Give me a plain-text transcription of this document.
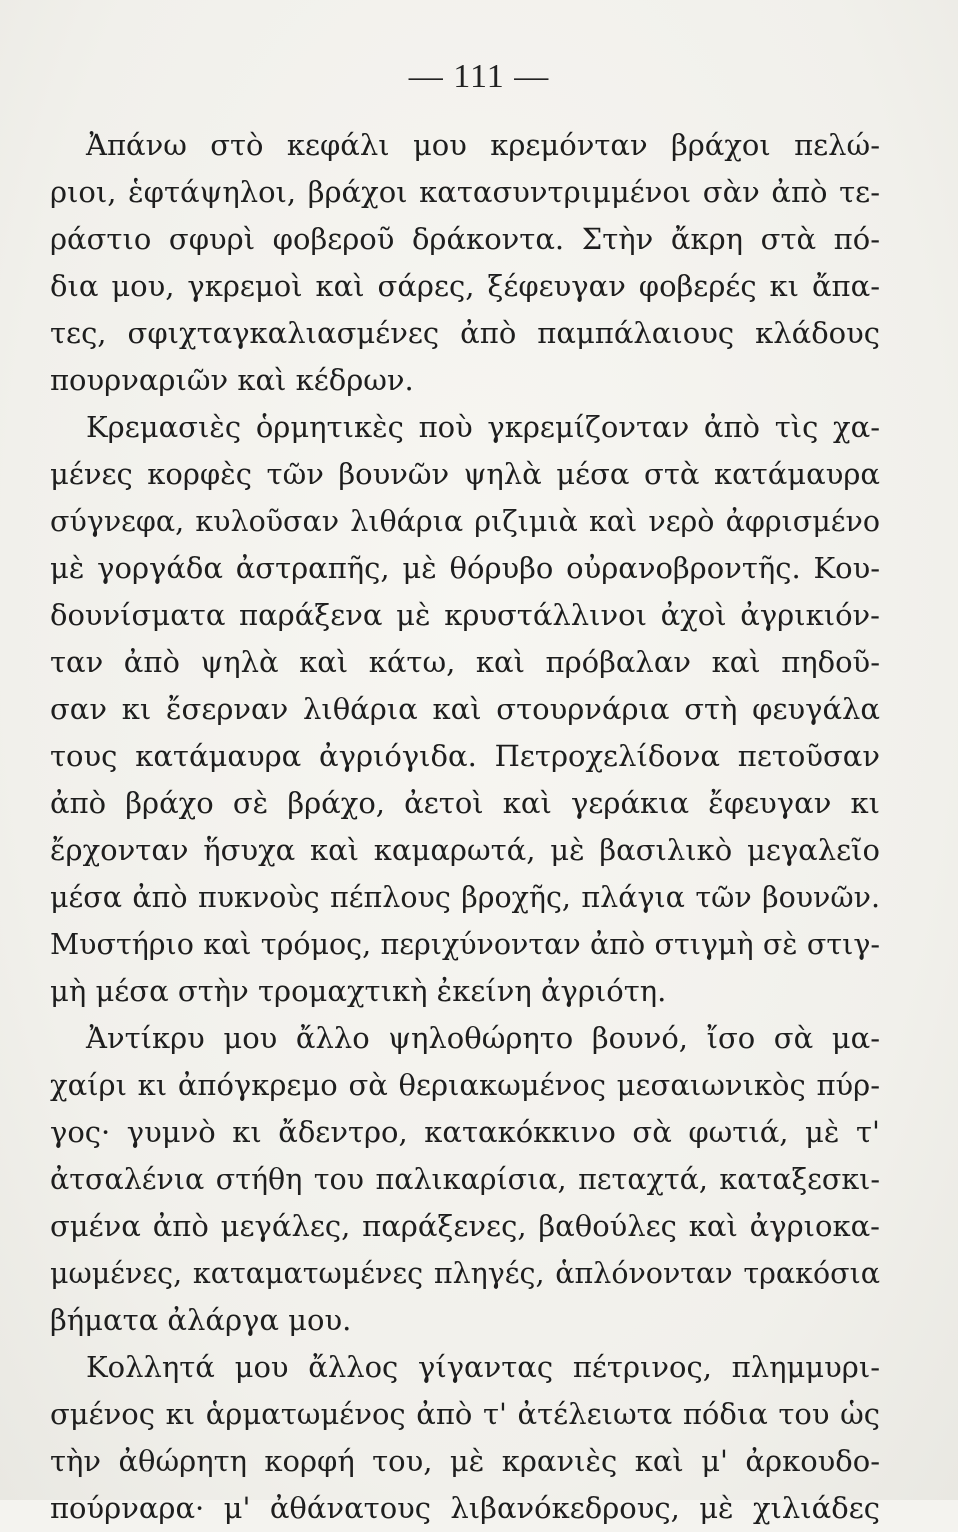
— 111 —
Ἀπάνω στὸ κεφάλι μου κρεμόνταν βράχοι πελώ-
ριοι, ἑφτάψηλοι, βράχοι κατασυντριμμένοι σὰν ἀπὸ τε-
ράστιο σφυρὶ φοβεροῦ δράκοντα. Στὴν ἄκρη στὰ πό-
δια μου, γκρεμοὶ καὶ σάρες, ξέφευγαν φοβερές κι ἄπα-
τες, σφιχταγκαλιασμένες ἀπὸ παμπάλαιους κλάδους
πουρναριῶν καὶ κέδρων.
Κρεμασιὲς ὁρμητικὲς ποὺ γκρεμίζονταν ἀπὸ τὶς χα-
μένες κορφὲς τῶν βουνῶν ψηλὰ μέσα στὰ κατάμαυρα
σύγνεφα, κυλοῦσαν λιθάρια ριζιμιὰ καὶ νερὸ ἀφρισμένο
μὲ γοργάδα ἀστραπῆς, μὲ θόρυβο οὐρανοβροντῆς. Κου-
δουνίσματα παράξενα μὲ κρυστάλλινοι ἀχοὶ ἀγρικιόν-
ταν ἀπὸ ψηλὰ καὶ κάτω, καὶ πρόβαλαν καὶ πηδοῦ-
σαν κι ἔσερναν λιθάρια καὶ στουρνάρια στὴ φευγάλα
τους κατάμαυρα ἀγριόγιδα. Πετροχελίδονα πετοῦσαν
ἀπὸ βράχο σὲ βράχο, ἀετοὶ καὶ γεράκια ἔφευγαν κι
ἔρχονταν ἥσυχα καὶ καμαρωτά, μὲ βασιλικὸ μεγαλεῖο
μέσα ἀπὸ πυκνοὺς πέπλους βροχῆς, πλάγια τῶν βουνῶν.
Μυστήριο καὶ τρόμος, περιχύνονταν ἀπὸ στιγμὴ σὲ στιγ-
μὴ μέσα στὴν τρομαχτικὴ ἐκείνη ἀγριότη.
Ἀντίκρυ μου ἄλλο ψηλοθώρητο βουνό, ἴσο σὰ μα-
χαίρι κι ἀπόγκρεμο σὰ θεριακωμένος μεσαιωνικὸς πύρ-
γος· γυμνὸ κι ἄδεντρο, κατακόκκινο σὰ φωτιά, μὲ τ'
ἀτσαλένια στήθη του παλικαρίσια, πεταχτά, καταξεσκι-
σμένα ἀπὸ μεγάλες, παράξενες, βαθούλες καὶ ἀγριοκα-
μωμένες, καταματωμένες πληγές, ἁπλόνονταν τρακόσια
βήματα ἀλάργα μου.
Κολλητά μου ἄλλος γίγαντας πέτρινος, πλημμυρι-
σμένος κι ἁρματωμένος ἀπὸ τ' ἀτέλειωτα πόδια του ὡς
τὴν ἀθώρητη κορφή του, μὲ κρανιὲς καὶ μ' ἀρκουδο-
πούρναρα· μ' ἀθάνατους λιβανόκεδρους, μὲ χιλιάδες
